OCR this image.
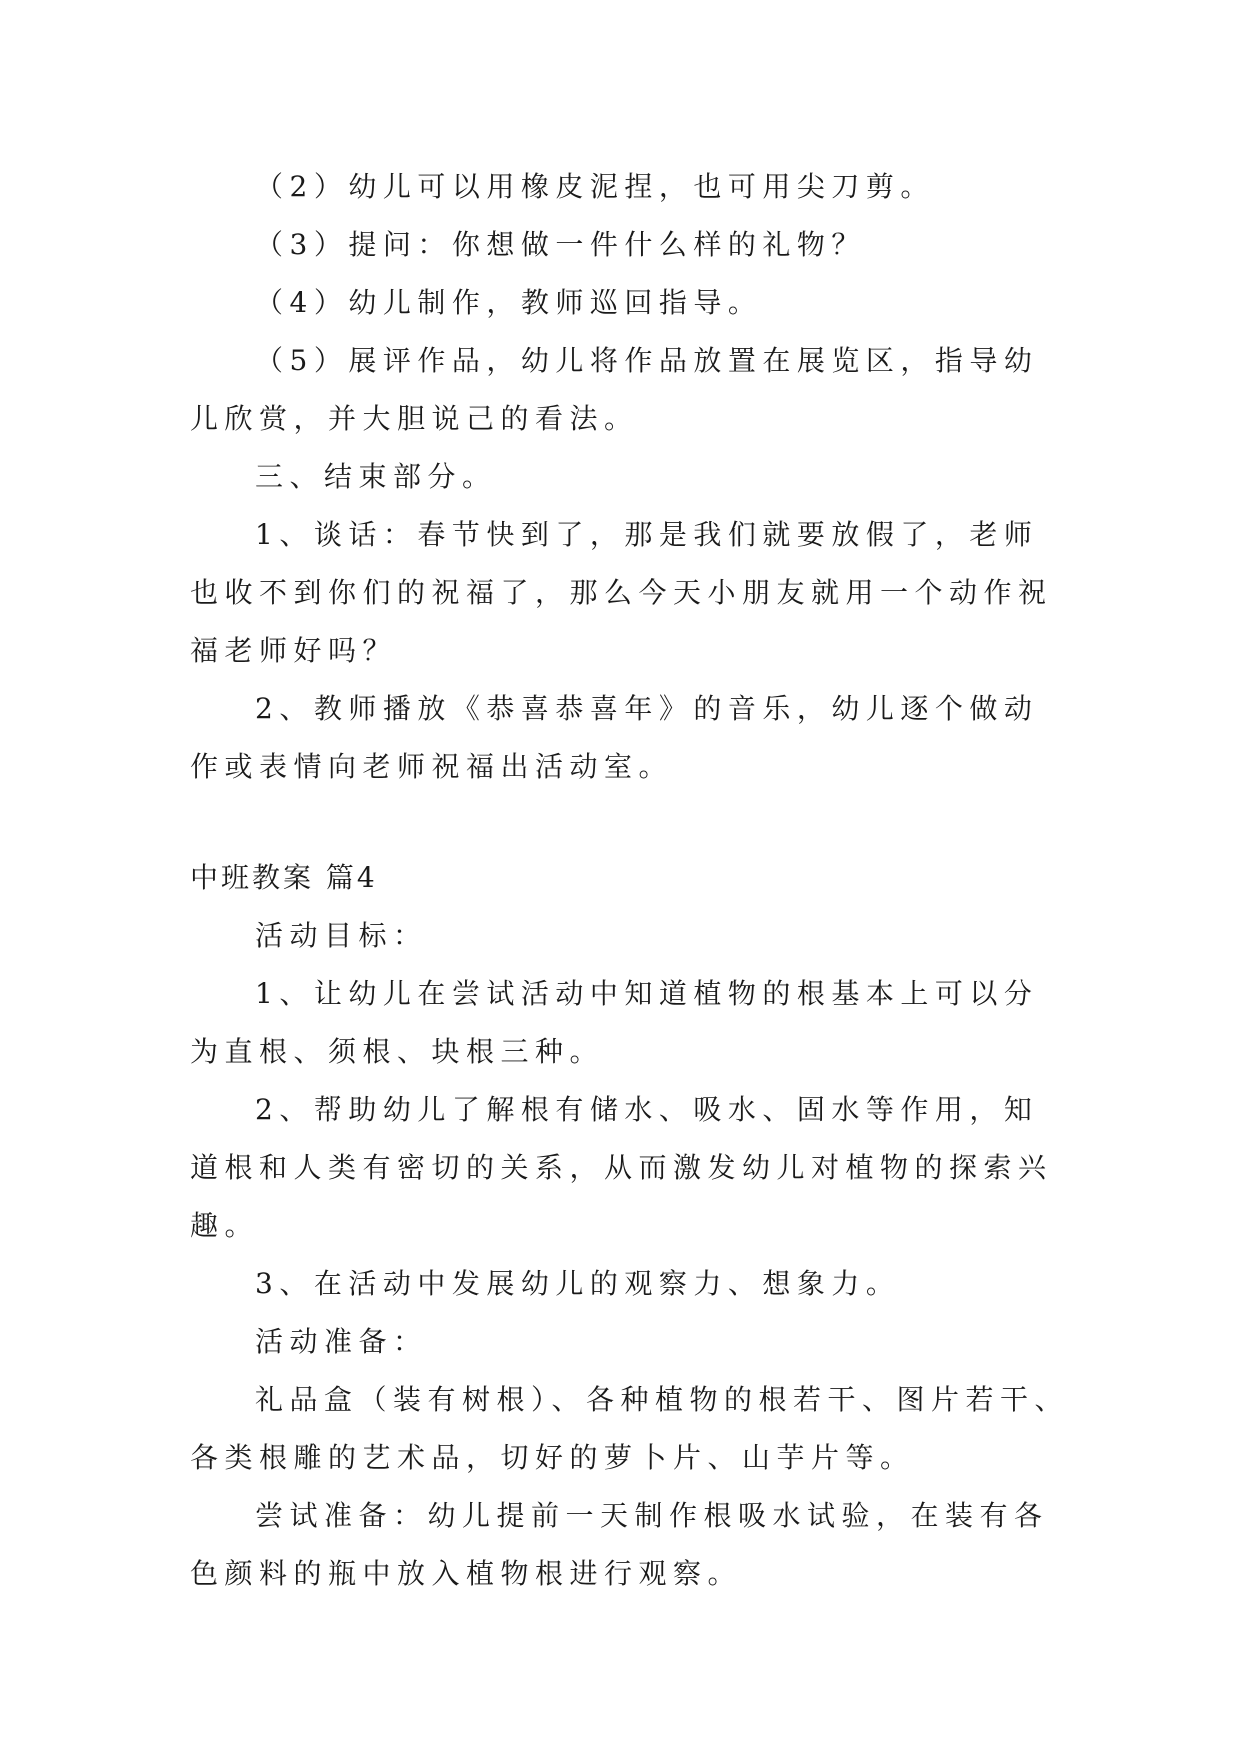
（2）幼儿可以用橡皮泥捏，也可用尖刀剪。

（3）提问：你想做一件什么样的礼物？

（4）幼儿制作，教师巡回指导。

（5）展评作品，幼儿将作品放置在展览区，指导幼儿欣赏，并大胆说己的看法。

三、结束部分。

1、谈话：春节快到了，那是我们就要放假了，老师也收不到你们的祝福了，那么今天小朋友就用一个动作祝福老师好吗？

2、教师播放《恭喜恭喜年》的音乐，幼儿逐个做动作或表情向老师祝福出活动室。

中班教案 篇4

活动目标：

1、让幼儿在尝试活动中知道植物的根基本上可以分为直根、须根、块根三种。

2、帮助幼儿了解根有储水、吸水、固水等作用，知道根和人类有密切的关系，从而激发幼儿对植物的探索兴趣。

3、在活动中发展幼儿的观察力、想象力。

活动准备：

礼品盒（装有树根）、各种植物的根若干、图片若干、各类根雕的艺术品，切好的萝卜片、山芋片等。

尝试准备：幼儿提前一天制作根吸水试验，在装有各色颜料的瓶中放入植物根进行观察。
